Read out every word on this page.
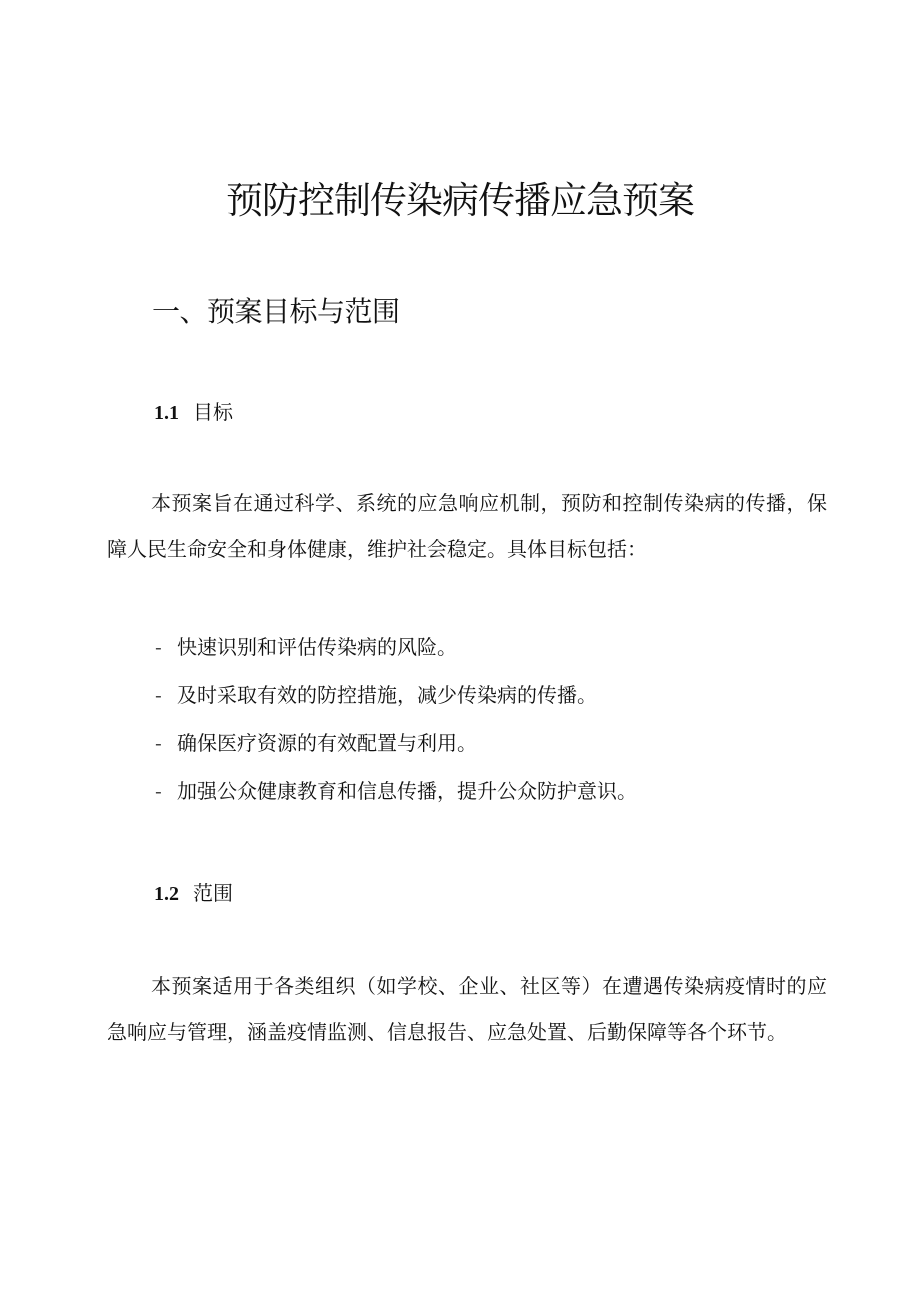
预防控制传染病传播应急预案
一、预案目标与范围
1.1 目标

本预案旨在通过科学、系统的应急响应机制，预防和控制传染病的传播，保障人民生命安全和身体健康，维护社会稳定。具体目标包括：

- 快速识别和评估传染病的风险。
- 及时采取有效的防控措施，减少传染病的传播。
- 确保医疗资源的有效配置与利用。
- 加强公众健康教育和信息传播，提升公众防护意识。
1.2 范围

本预案适用于各类组织（如学校、企业、社区等）在遭遇传染病疫情时的应急响应与管理，涵盖疫情监测、信息报告、应急处置、后勤保障等各个环节。
